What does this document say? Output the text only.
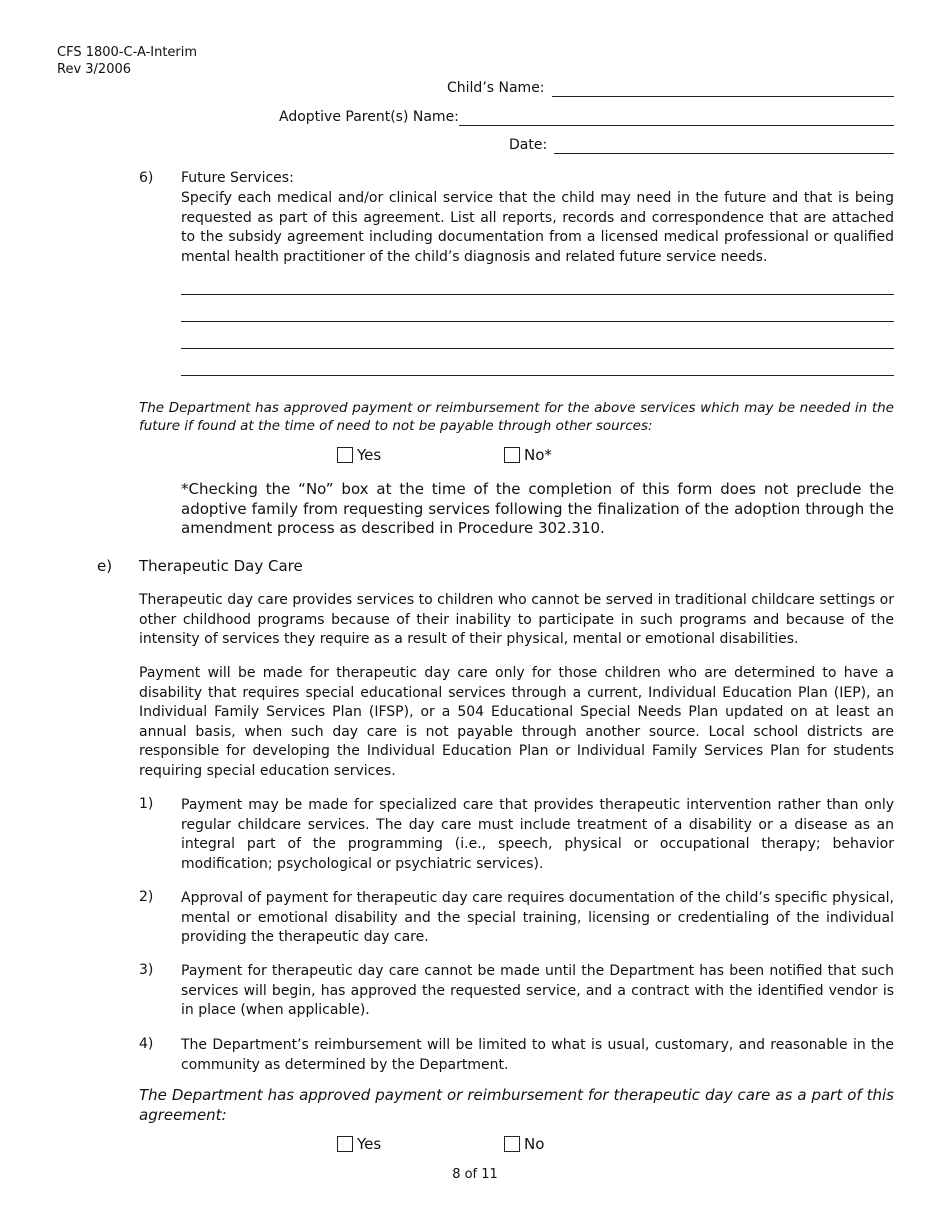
CFS 1800-C-A-Interim
Rev 3/2006
Child’s Name:
Adoptive Parent(s) Name:
Date:
6) Future Services:
Specify each medical and/or clinical service that the child may need in the future and that is being requested as part of this agreement. List all reports, records and correspondence that are attached to the subsidy agreement including documentation from a licensed medical professional or qualified mental health practitioner of the child’s diagnosis and related future service needs.
The Department has approved payment or reimbursement for the above services which may be needed in the future if found at the time of need to not be payable through other sources:
Yes	No*
*Checking the “No” box at the time of the completion of this form does not preclude the adoptive family from requesting services following the finalization of the adoption through the amendment process as described in Procedure 302.310.
e) Therapeutic Day Care
Therapeutic day care provides services to children who cannot be served in traditional childcare settings or other childhood programs because of their inability to participate in such programs and because of the intensity of services they require as a result of their physical, mental or emotional disabilities.
Payment will be made for therapeutic day care only for those children who are determined to have a disability that requires special educational services through a current, Individual Education Plan (IEP), an Individual Family Services Plan (IFSP), or a 504 Educational Special Needs Plan updated on at least an annual basis, when such day care is not payable through another source. Local school districts are responsible for developing the Individual Education Plan or Individual Family Services Plan for students requiring special education services.
1) Payment may be made for specialized care that provides therapeutic intervention rather than only regular childcare services. The day care must include treatment of a disability or a disease as an integral part of the programming (i.e., speech, physical or occupational therapy; behavior modification; psychological or psychiatric services).
2) Approval of payment for therapeutic day care requires documentation of the child’s specific physical, mental or emotional disability and the special training, licensing or credentialing of the individual providing the therapeutic day care.
3) Payment for therapeutic day care cannot be made until the Department has been notified that such services will begin, has approved the requested service, and a contract with the identified vendor is in place (when applicable).
4) The Department’s reimbursement will be limited to what is usual, customary, and reasonable in the community as determined by the Department.
The Department has approved payment or reimbursement for therapeutic day care as a part of this agreement:
Yes	No
8 of 11
